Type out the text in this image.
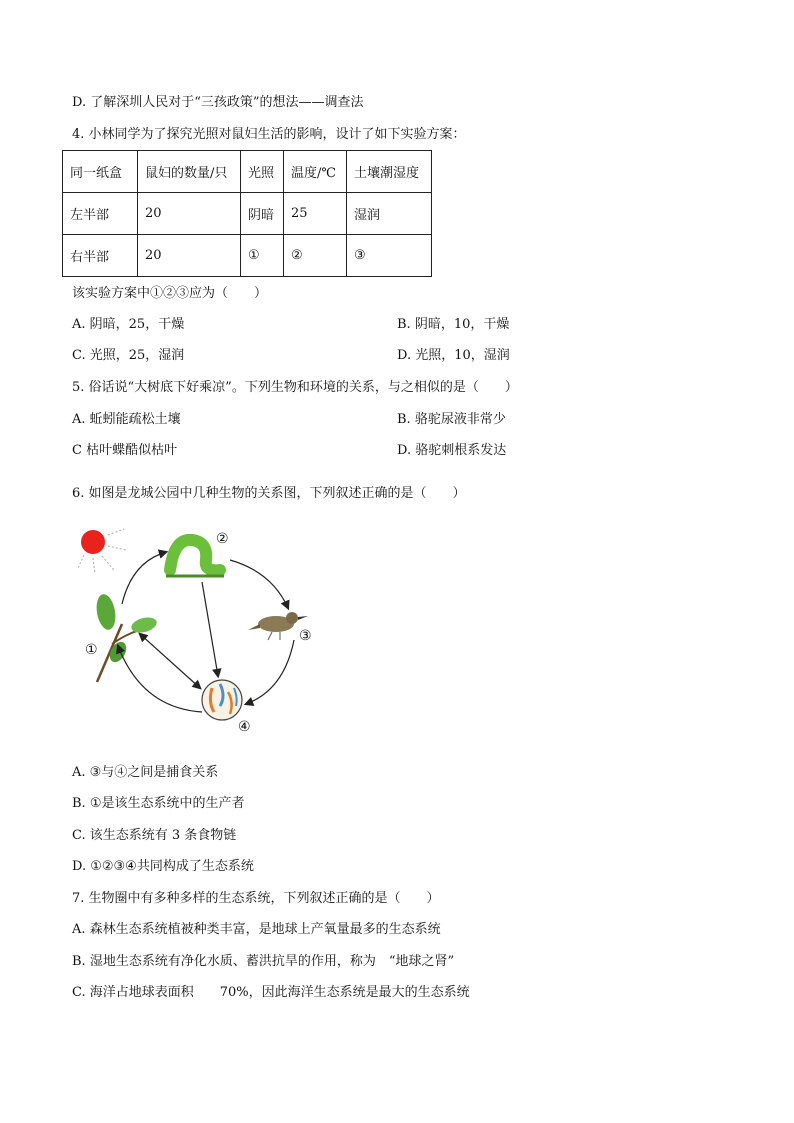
D. 了解深圳人民对于“三孩政策”的想法——调查法
4. 小林同学为了探究光照对鼠妇生活的影响，设计了如下实验方案：
同一纸盒	鼠妇的数量/只	光照	温度/℃	土壤潮湿度
左半部	20	阴暗	25	湿润
右半部	20	①	②	③
该实验方案中①②③应为（　　）
A. 阴暗，25，干燥	B. 阴暗，10，干燥
C. 光照，25，湿润	D. 光照，10，湿润
5. 俗话说“大树底下好乘凉”。下列生物和环境的关系，与之相似的是（　　）
A. 蚯蚓能疏松土壤	B. 骆驼尿液非常少
C 枯叶蝶酷似枯叶	D. 骆驼刺根系发达
6. 如图是龙城公园中几种生物的关系图，下列叙述正确的是（　　）
①
②
③
④
A. ③与④之间是捕食关系
B. ①是该生态系统中的生产者
C. 该生态系统有 3 条食物链
D. ①②③④共同构成了生态系统
7. 生物圈中有多种多样的生态系统，下列叙述正确的是（　　）
A. 森林生态系统植被种类丰富，是地球上产氧量最多的生态系统
B. 湿地生态系统有净化水质、蓄洪抗旱的作用，称为　“地球之肾”
C. 海洋占地球表面积　　70%，因此海洋生态系统是最大的生态系统
